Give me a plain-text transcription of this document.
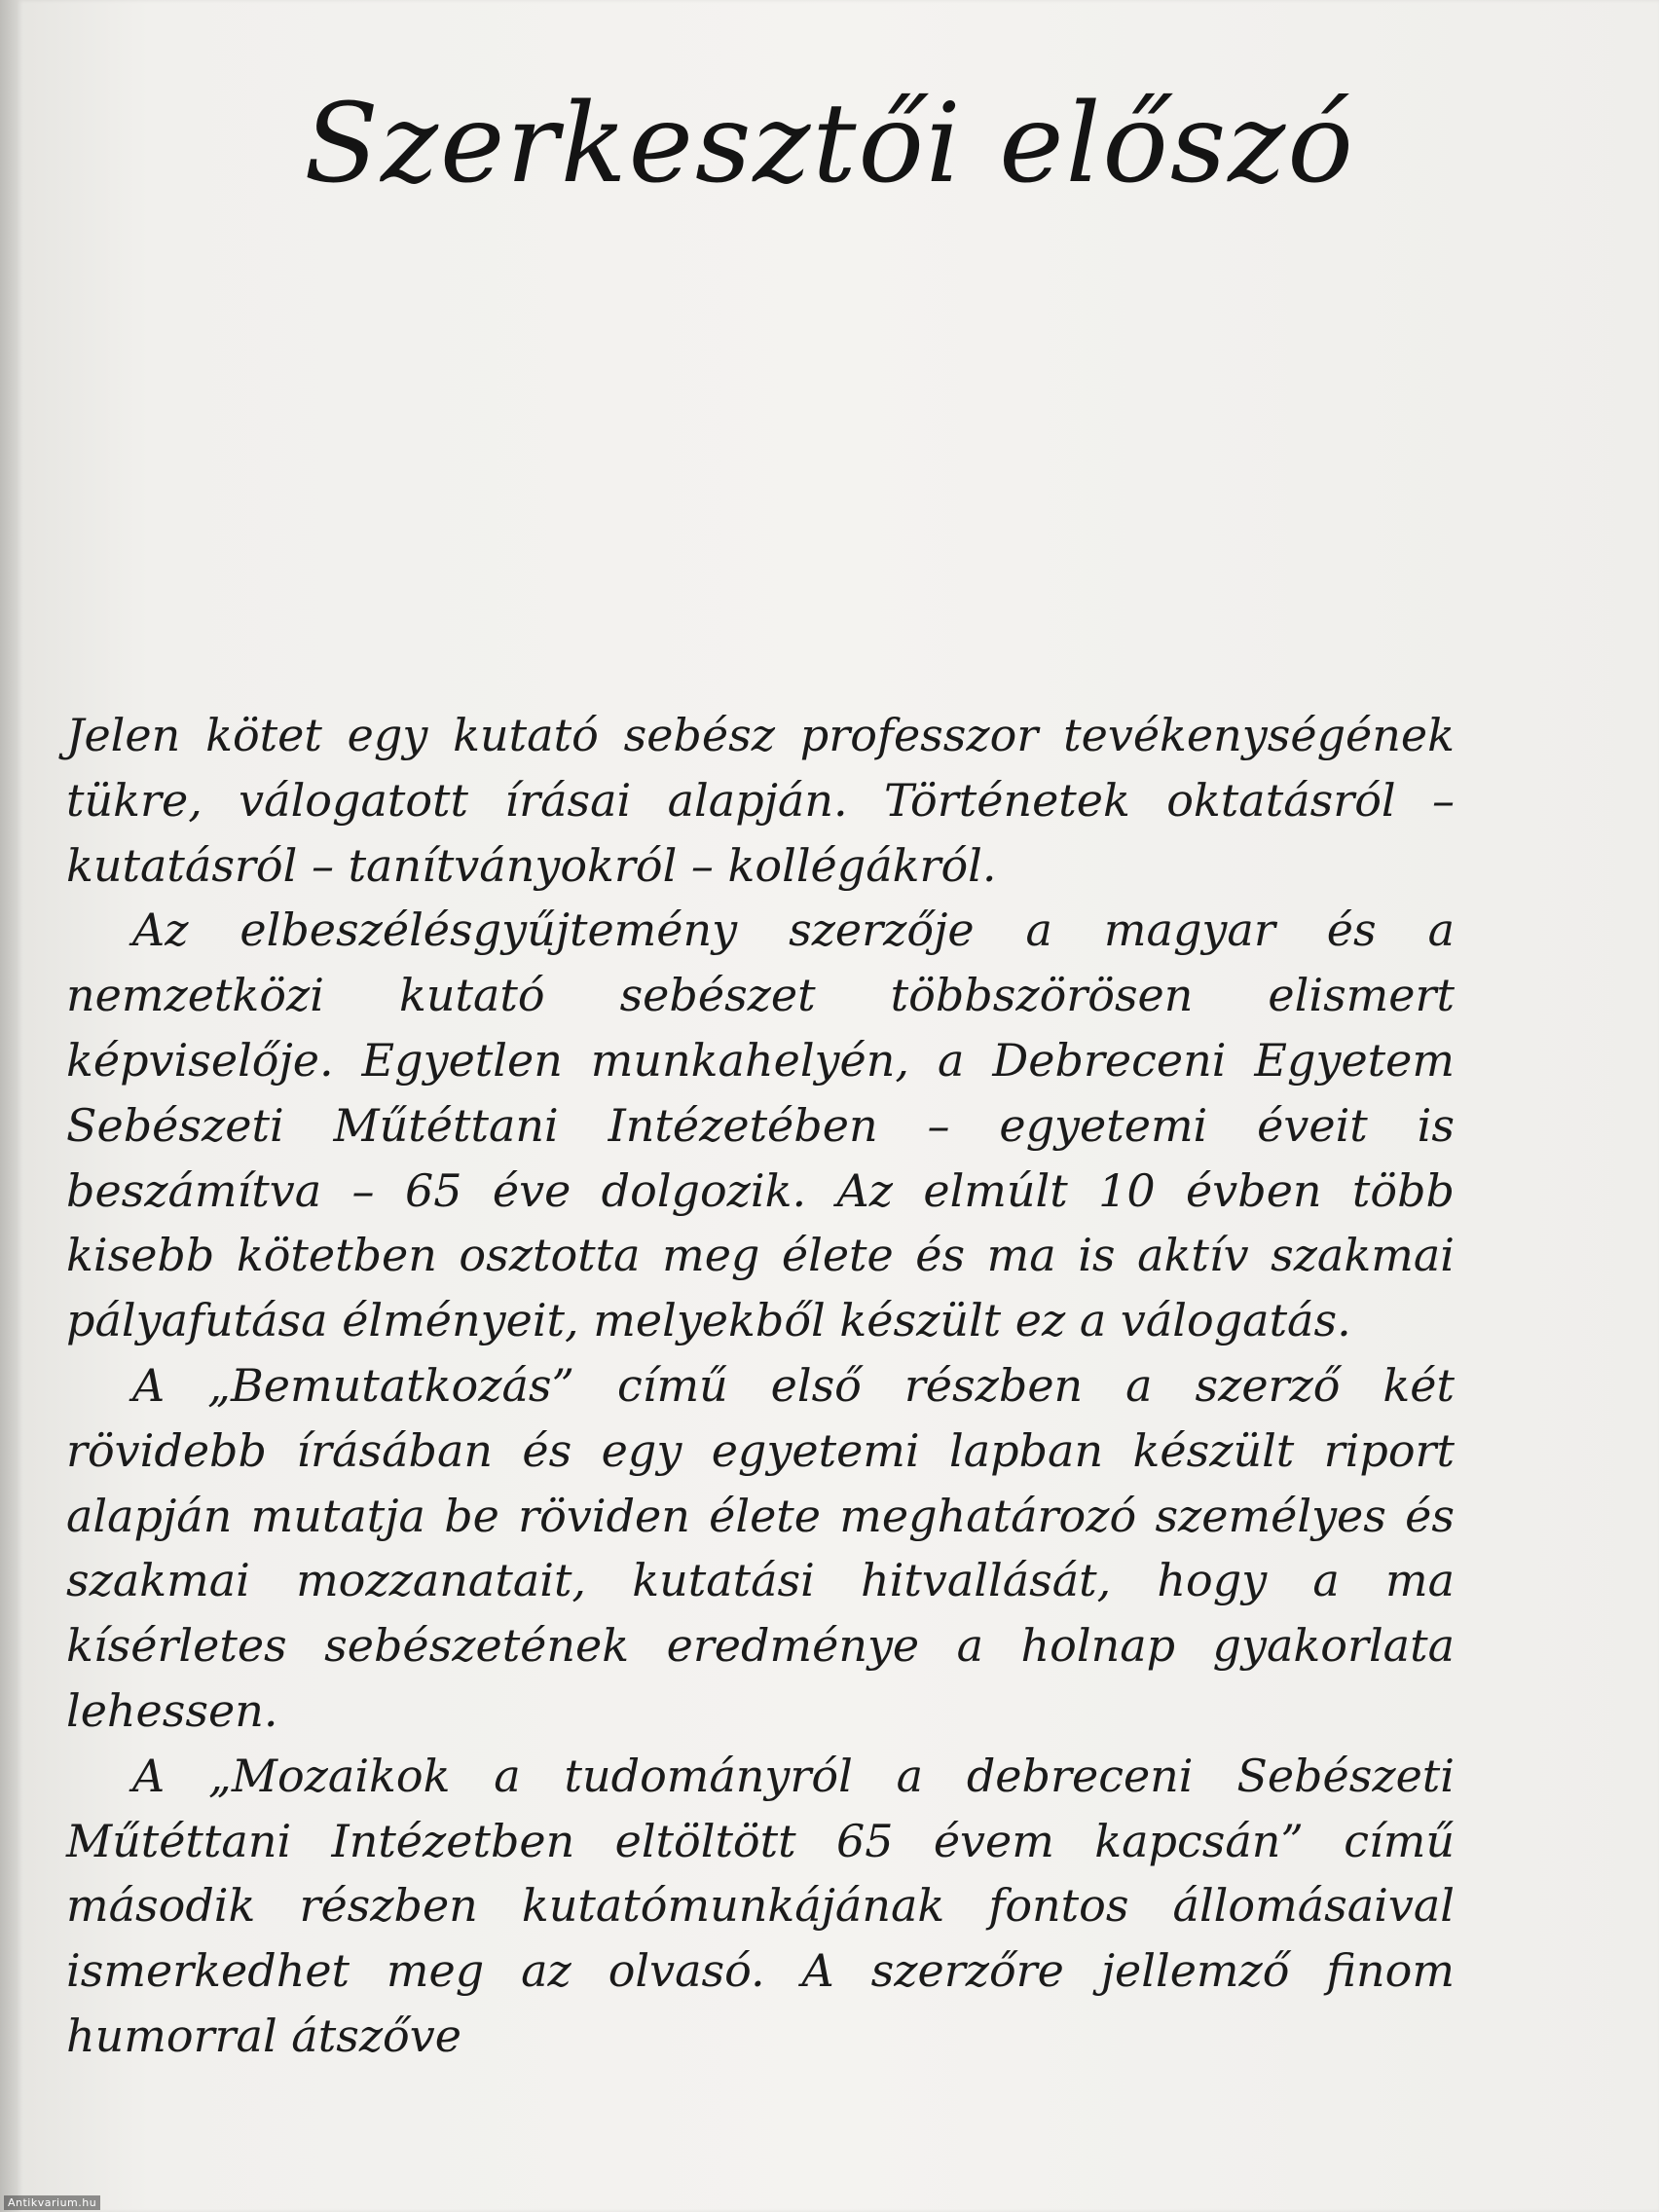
Szerkesztői előszó

Jelen kötet egy kutató sebész professzor tevékenységének tükre, válogatott írásai alapján. Történetek oktatásról – kutatásról – tanítványokról – kollégákról.

Az elbeszélésgyűjtemény szerzője a magyar és a nemzetközi kutató sebészet többszörösen elismert képviselője. Egyetlen munkahelyén, a Debreceni Egyetem Sebészeti Műtéttani Intézetében – egyetemi éveit is beszámítva – 65 éve dolgozik. Az elmúlt 10 évben több kisebb kötetben osztotta meg élete és ma is aktív szakmai pályafutása élményeit, melyekből készült ez a válogatás.

A „Bemutatkozás” című első részben a szerző két rövidebb írásában és egy egyetemi lapban készült riport alapján mutatja be röviden élete meghatározó személyes és szakmai mozzanatait, kutatási hitvallását, hogy a ma kísérletes sebészetének eredménye a holnap gyakorlata lehessen.

A „Mozaikok a tudományról a debreceni Sebészeti Műtéttani Intézetben eltöltött 65 évem kapcsán” című második részben kutatómunkájának fontos állomásaival ismerkedhet meg az olvasó. A szerzőre jellemző finom humorral átszőve

Antikvarium.hu
